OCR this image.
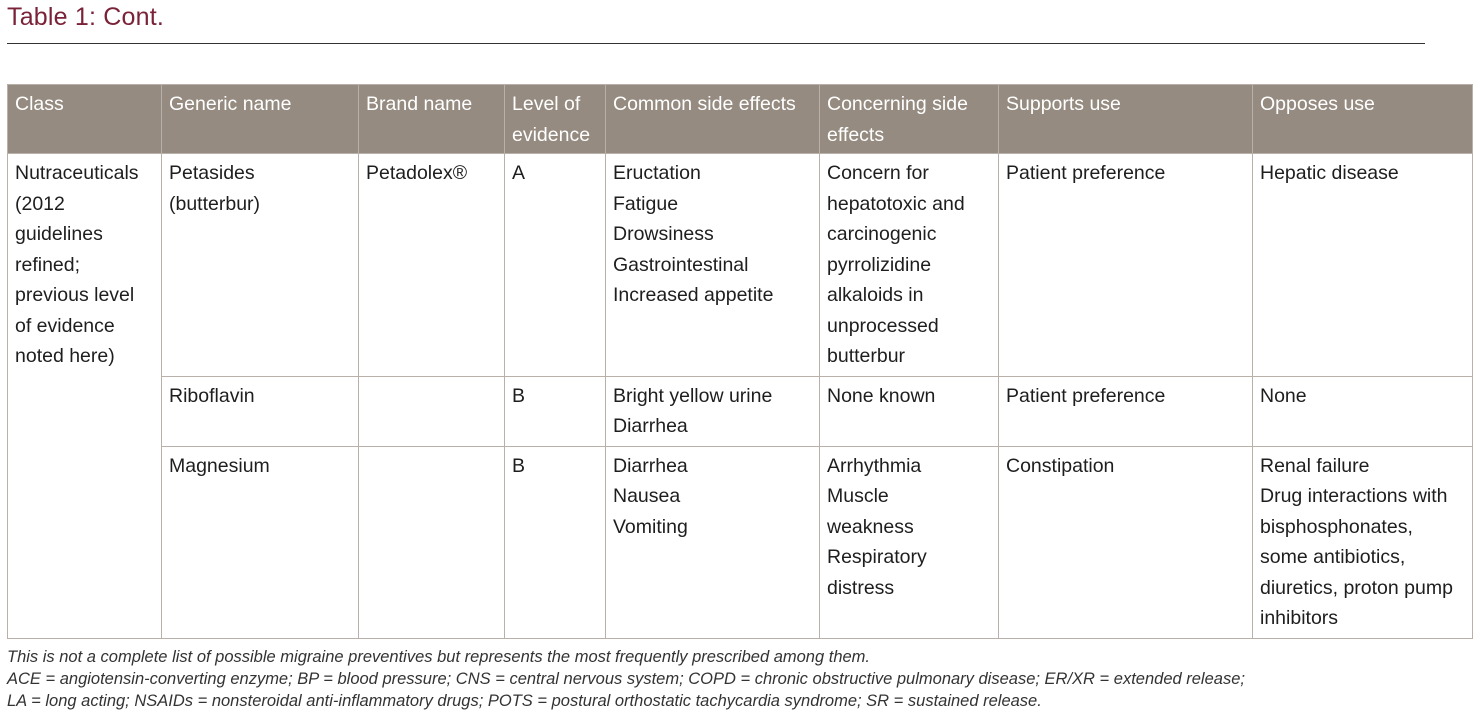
Table 1: Cont.
Class	Generic name	Brand name	Level of evidence	Common side effects	Concerning side effects	Supports use	Opposes use
Nutraceuticals (2012 guidelines refined; previous level of evidence noted here)	Petasides (butterbur)	Petadolex®	A	Eructation
Fatigue
Drowsiness
Gastrointestinal
Increased appetite	Concern for hepatotoxic and carcinogenic pyrrolizidine alkaloids in unprocessed butterbur	Patient preference	Hepatic disease

	Riboflavin		B	Bright yellow urine
Diarrhea	None known	Patient preference	None

	Magnesium		B	Diarrhea
Nausea
Vomiting	Arrhythmia Muscle weakness Respiratory distress	Constipation	Renal failure
Drug interactions with bisphosphonates, some antibiotics, diuretics, proton pump inhibitors
This is not a complete list of possible migraine preventives but represents the most frequently prescribed among them.
ACE = angiotensin-converting enzyme; BP = blood pressure; CNS = central nervous system; COPD = chronic obstructive pulmonary disease; ER/XR = extended release;
LA = long acting; NSAIDs = nonsteroidal anti-inflammatory drugs; POTS = postural orthostatic tachycardia syndrome; SR = sustained release.
